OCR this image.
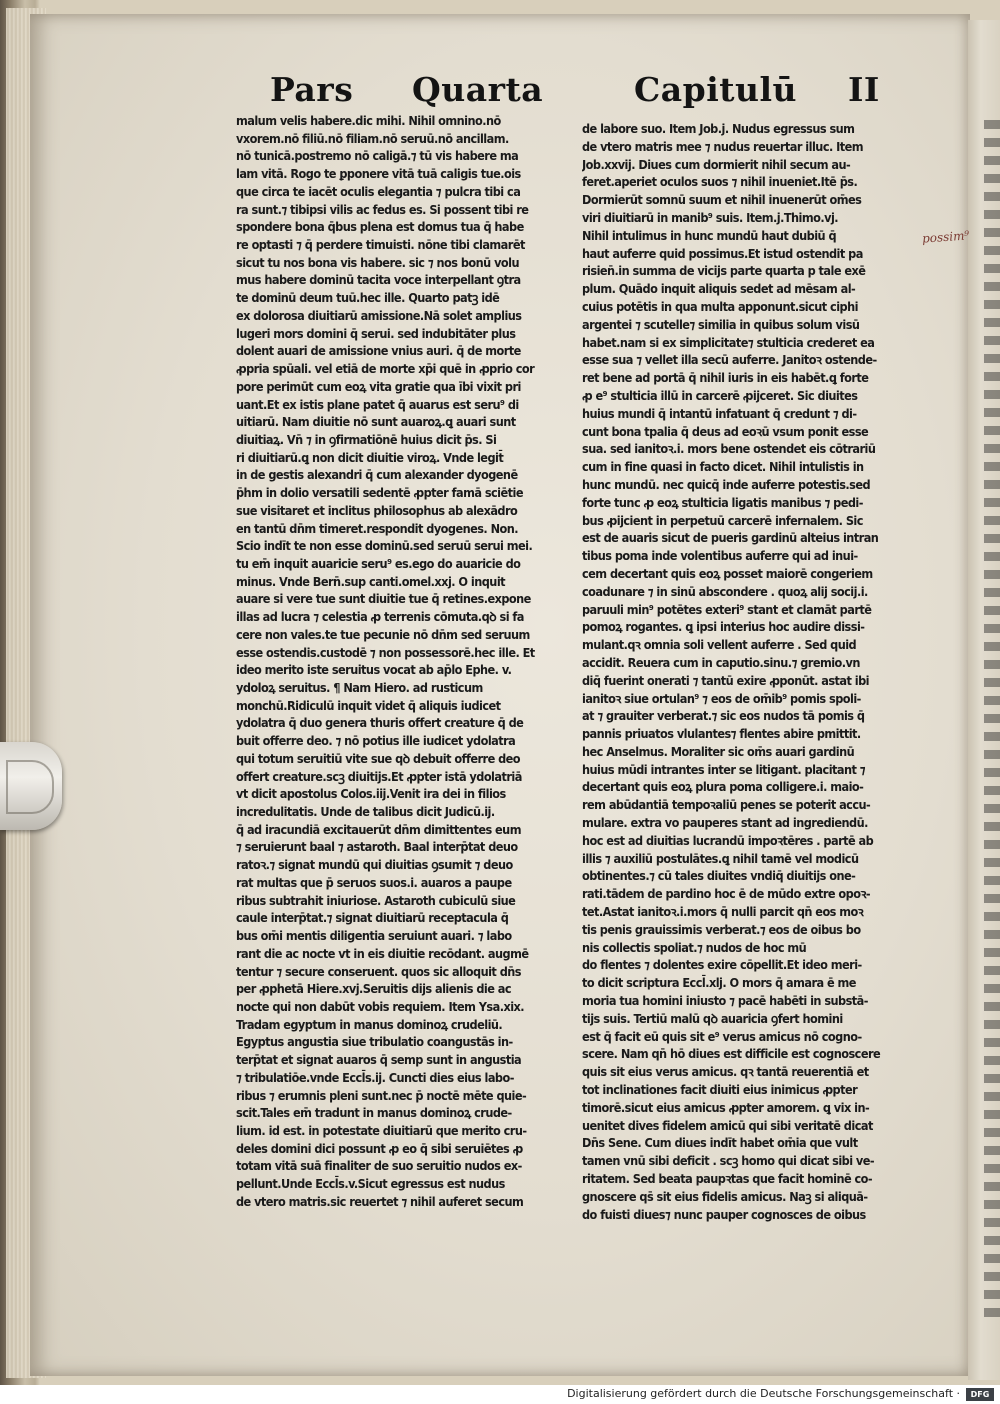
Pars Quarta	Capitulū II
malum velis habere.dic mihi. Nihil omnino.nō
vxorem.nō filiū.nō filiam.nō seruū.nō ancillam.
nō tunicā.postremo nō caligā.⁊ tū vis habere ma
lam vitā. Rogo te ꝑponere vitā tuā caligis tue.ois
que circa te iacēt oculis elegantia ⁊ pulcra tibi ca
ra sunt.⁊ tibipsi vilis ac fedus es. Si possent tibi re
spondere bona q̄bus plena est domus tua q̄ habe
re optasti ⁊ q̄ perdere timuisti. nōne tibi clamarēt
sicut tu nos bona vis habere. sic ⁊ nos bonū volu
mus habere dominū tacita voce interpellant ꝯtra
te dominū deum tuū.hec ille. Quarto patꝫ idē
ex dolorosa diuitiarū amissione.Nā solet amplius
lugeri mors domini q̄ serui. sed indubitāter plus
dolent auari de amissione vnius auri. q̄ de morte
ꝓpria spūali. vel etiā de morte xp̄i quē in ꝓprio cor
pore perimūt cum eoꝝ vita gratie qua ībi vixit pri
uant.Et ex istis plane patet q̄ auarus est seru⁹ di
uitiarū. Nam diuitie nō sunt auaroꝝ.ꝗ auari sunt
diuitiaꝝ. Vn̄ ⁊ in ꝯfirmatiōnē huius dicit p̄s. Si
ri diuitiarū.ꝗ non dicit diuitie viroꝝ. Vnde legit̄
in de gestis alexandri q̄ cum alexander dyogenē
p̄hm in dolio versatili sedentē ꝓpter famā sciētie
sue visitaret et inclitus philosophus ab alexādro
en tantū dn̄m timeret.respondit dyogenes. Non.
Scio indīt te non esse dominū.sed seruū serui mei.
tu em̄ inquit auaricie seru⁹ es.ego do auaricie do
minus. Vnde Bern̄.sup canti.omel.xxj. O inquit
auare si vere tue sunt diuitie tue q̄ retines.expone
illas ad lucra ⁊ celestia ꝓ terrenis cōmuta.qꝺ si fa
cere non vales.te tue pecunie nō dn̄m sed seruum
esse ostendis.custodē ⁊ non possessorē.hec ille. Et
ideo merito iste seruitus vocat ab ap̄lo Ephe. v.
ydoloꝝ seruitus. ¶ Nam Hiero. ad rusticum
monchū.Ridiculū inquit videt q̄ aliquis iudicet
ydolatra q̄ duo genera thuris offert creature q̄ de
buit offerre deo. ⁊ nō potius ille iudicet ydolatra
qui totum seruitiū vite sue qꝺ debuit offerre deo
offert creature.scꝫ diuitijs.Et ꝓpter istā ydolatriā
vt dicit apostolus Colos.iij.Venit ira dei in filios
incredulitatis. Unde de talibus dicit Judicū.ij.
q̄ ad iracundiā excitauerūt dn̄m dimittentes eum
⁊ seruierunt baal ⁊ astaroth. Baal interp̄tat deuo
ratoꝛ.⁊ signat mundū qui diuitias ꝯsumit ⁊ deuo
rat multas que p̄ seruos suos.i. auaros a paupe
ribus subtrahit iniuriose. Astaroth cubiculū siue
caule interp̄tat.⁊ signat diuitiarū receptacula q̄
bus om̄i mentis diligentia seruiunt auari. ⁊ labo
rant die ac nocte vt in eis diuitie recōdant. augmē
tentur ⁊ secure conseruent. quos sic alloquit dn̄s
per ꝓphetā Hiere.xvj.Seruitis dijs alienis die ac
nocte qui non dabūt vobis requiem. Item Ysa.xix.
Tradam egyptum in manus dominoꝝ crudeliū.
Egyptus angustia siue tribulatio coangustās in-
terp̄tat et signat auaros q̄ semp sunt in angustia
⁊ tribulatiōe.vnde Eccl̄s.ij. Cuncti dies eius labo-
ribus ⁊ erumnis pleni sunt.nec p̄ noctē mēte quie-
scit.Tales em̄ tradunt in manus dominoꝝ crude-
lium. id est. in potestate diuitiarū que merito cru-
deles domini dici possunt ꝓ eo q̄ sibi seruiētes ꝓ
totam vitā suā finaliter de suo seruitio nudos ex-
pellunt.Unde Eccl̄s.v.Sicut egressus est nudus
de vtero matris.sic reuertet ⁊ nihil auferet secum
de labore suo. Item Job.j. Nudus egressus sum
de vtero matris mee ⁊ nudus reuertar illuc. Item
Job.xxvij. Diues cum dormierit nihil secum au-
feret.aperiet oculos suos ⁊ nihil inueniet.Itē p̄s.
Dormierūt somnū suum et nihil inuenerūt om̄es
viri diuitiarū in manib⁹ suis. Item.j.Thimo.vj.
Nihil intulimus in hunc mundū haut dubiū q̄
haut auferre quid possimus.Et istud ostendit pa
risien̄.in summa de vicijs parte quarta p tale exē
plum. Quādo inquit aliquis sedet ad mēsam al-
cuius potētis in qua multa apponunt.sicut ciphi
argentei ⁊ scutelle⁊ similia in quibus solum visū
habet.nam si ex simplicitate⁊ stulticia crederet ea
esse sua ⁊ vellet illa secū auferre. Janitoꝛ ostende-
ret bene ad portā q̄ nihil iuris in eis habēt.ꝗ forte
ꝓ e⁹ stulticia illū in carcerē ꝓijceret. Sic diuites
huius mundi q̄ intantū infatuant q̄ credunt ⁊ di-
cunt bona tpalia q̄ deus ad eoꝛū vsum ponit esse
sua. sed ianitoꝛ.i. mors bene ostendet eis cōtrariū
cum in fine quasi in facto dicet. Nihil intulistis in
hunc mundū. nec quicq̄ inde auferre potestis.sed
forte tunc ꝓ eoꝝ stulticia ligatis manibus ⁊ pedi-
bus ꝓijcient in perpetuū carcerē infernalem. Sic
est de auaris sicut de pueris gardinū alteius intran
tibus poma inde volentibus auferre qui ad inui-
cem decertant quis eoꝝ posset maiorē congeriem
coadunare ⁊ in sinū abscondere . quoꝝ alij socij.i.
paruuli min⁹ potētes exteri⁹ stant et clamāt partē
pomoꝝ rogantes. ꝗ ipsi interius hoc audire dissi-
mulant.qꝛ omnia soli vellent auferre . Sed quid
accidit. Reuera cum in caputio.sinu.⁊ gremio.vn
diq̄ fuerint onerati ⁊ tantū exire ꝓponūt. astat ibi
ianitoꝛ siue ortulan⁹ ⁊ eos de om̄ib⁹ pomis spoli-
at ⁊ grauiter verberat.⁊ sic eos nudos tā pomis q̄
pannis priuatos vlulantes⁊ flentes abire pmittit.
hec Anselmus. Moraliter sic om̄s auari gardinū
huius mūdi intrantes inter se litigant. placitant ⁊
decertant quis eoꝝ plura poma colligere.i. maio-
rem abūdantiā tempoꝛaliū penes se poterit accu-
mulare. extra vo pauperes stant ad ingrediendū.
hoc est ad diuitias lucrandū impoꝛtēres . partē ab
illis ⁊ auxiliū postulātes.ꝗ nihil tamē vel modicū
obtinentes.⁊ cū tales diuites vndiq̄ diuitijs one-
rati.tādem de pardino hoc ē de mūdo extre opoꝛ-
tet.Astat ianitoꝛ.i.mors q̄ nulli parcit qn̄ eos moꝛ
tis penis grauissimis verberat.⁊ eos de oibus bo
nis collectis spoliat.⁊ nudos de hoc mū
do flentes ⁊ dolentes exire cōpellit.Et ideo meri-
to dicit scriptura Eccl̄.xlj. O mors q̄ amara ē me
moria tua homini iniusto ⁊ pacē habēti in substā-
tijs suis. Tertiū malū qꝺ auaricia ꝯfert homini
est q̄ facit eū quis sit e⁹ verus amicus nō cogno-
scere. Nam qn̄ hō diues est difficile est cognoscere
quis sit eius verus amicus. qꝛ tantā reuerentiā et
tot inclinationes facit diuiti eius inimicus ꝓpter
timorē.sicut eius amicus ꝓpter amorem. ꝗ vix in-
uenitet dives fidelem amicū qui sibi veritatē dicat
Dn̄s Sene. Cum diues indīt habet om̄ia que vult
tamen vnū sibi deficit . scꝫ homo qui dicat sibi ve-
ritatem. Sed beata paupꝛtas que facit hominē co-
gnoscere qs̄ sit eius fidelis amicus. Naꝫ si aliquā-
do fuisti diues⁊ nunc pauper cognosces de oibus
possim⁹
Digitalisierung gefördert durch die Deutsche Forschungsgemeinschaft ·	DFG
